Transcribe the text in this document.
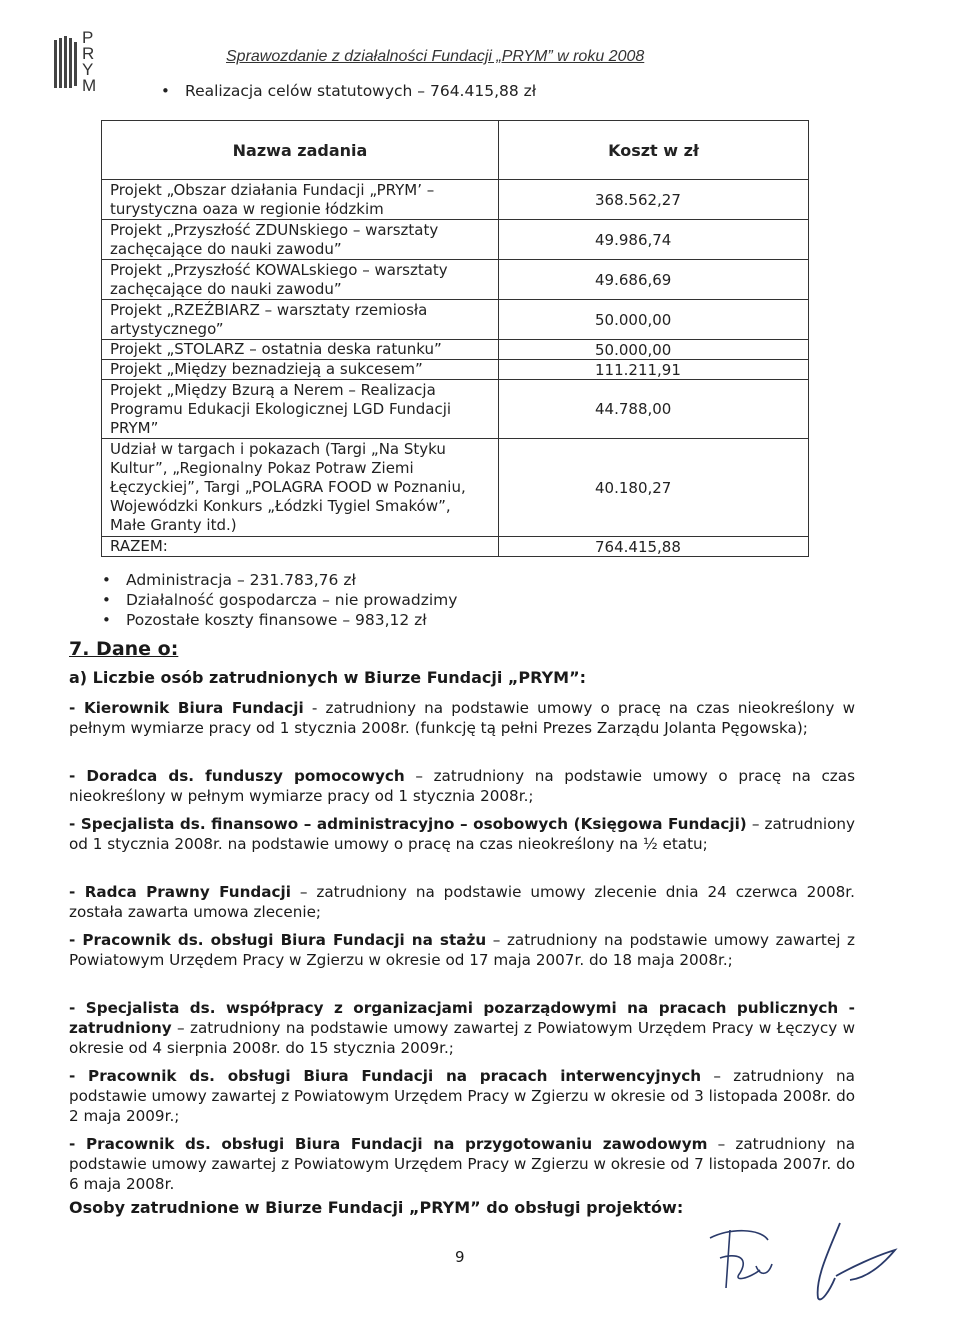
P
R
Y
M
Sprawozdanie z działalności Fundacji „PRYM” w roku 2008
• Realizacja celów statutowych – 764.415,88 zł
Nazwa zadania	Koszt w zł
Projekt „Obszar działania Fundacji „PRYM’ – turystyczna oaza w regionie łódzkim	368.562,27
Projekt „Przyszłość ZDUNskiego – warsztaty zachęcające do nauki zawodu”	49.986,74
Projekt „Przyszłość KOWALskiego – warsztaty zachęcające do nauki zawodu”	49.686,69
Projekt „RZEŹBIARZ – warsztaty rzemiosła artystycznego”	50.000,00
Projekt „STOLARZ – ostatnia deska ratunku”	50.000,00
Projekt „Między beznadzieją a sukcesem”	111.211,91
Projekt „Między Bzurą a Nerem – Realizacja Programu Edukacji Ekologicznej LGD Fundacji PRYM”	44.788,00
Udział w targach i pokazach (Targi „Na Styku Kultur”, „Regionalny Pokaz Potraw Ziemi Łęczyckiej”, Targi „POLAGRA FOOD w Poznaniu, Wojewódzki Konkurs „Łódzki Tygiel Smaków”, Małe Granty itd.)	40.180,27
RAZEM:	764.415,88
• Administracja – 231.783,76 zł
• Działalność gospodarcza – nie prowadzimy
• Pozostałe koszty finansowe – 983,12 zł
7. Dane o:
a) Liczbie osób zatrudnionych w Biurze Fundacji „PRYM”:
- Kierownik Biura Fundacji - zatrudniony na podstawie umowy o pracę na czas nieokreślony w pełnym wymiarze pracy od 1 stycznia 2008r. (funkcję tą pełni Prezes Zarządu Jolanta Pęgowska);
- Doradca ds. funduszy pomocowych – zatrudniony na podstawie umowy o pracę na czas nieokreślony w pełnym wymiarze pracy od 1 stycznia 2008r.;
- Specjalista ds. finansowo – administracyjno – osobowych (Księgowa Fundacji) – zatrudniony od 1 stycznia 2008r. na podstawie umowy o pracę na czas nieokreślony na ½ etatu;
- Radca Prawny Fundacji – zatrudniony na podstawie umowy zlecenie dnia 24 czerwca 2008r. została zawarta umowa zlecenie;
- Pracownik ds. obsługi Biura Fundacji na stażu – zatrudniony na podstawie umowy zawartej z Powiatowym Urzędem Pracy w Zgierzu w okresie od 17 maja 2007r. do 18 maja 2008r.;
- Specjalista ds. współpracy z organizacjami pozarządowymi na pracach publicznych - zatrudniony – zatrudniony na podstawie umowy zawartej z Powiatowym Urzędem Pracy w Łęczycy w okresie od 4 sierpnia 2008r. do 15 stycznia 2009r.;
- Pracownik ds. obsługi Biura Fundacji na pracach interwencyjnych – zatrudniony na podstawie umowy zawartej z Powiatowym Urzędem Pracy w Zgierzu w okresie od 3 listopada 2008r. do 2 maja 2009r.;
- Pracownik ds. obsługi Biura Fundacji na przygotowaniu zawodowym – zatrudniony na podstawie umowy zawartej z Powiatowym Urzędem Pracy w Zgierzu w okresie od 7 listopada 2007r. do 6 maja 2008r.
Osoby zatrudnione w Biurze Fundacji „PRYM” do obsługi projektów:
9
